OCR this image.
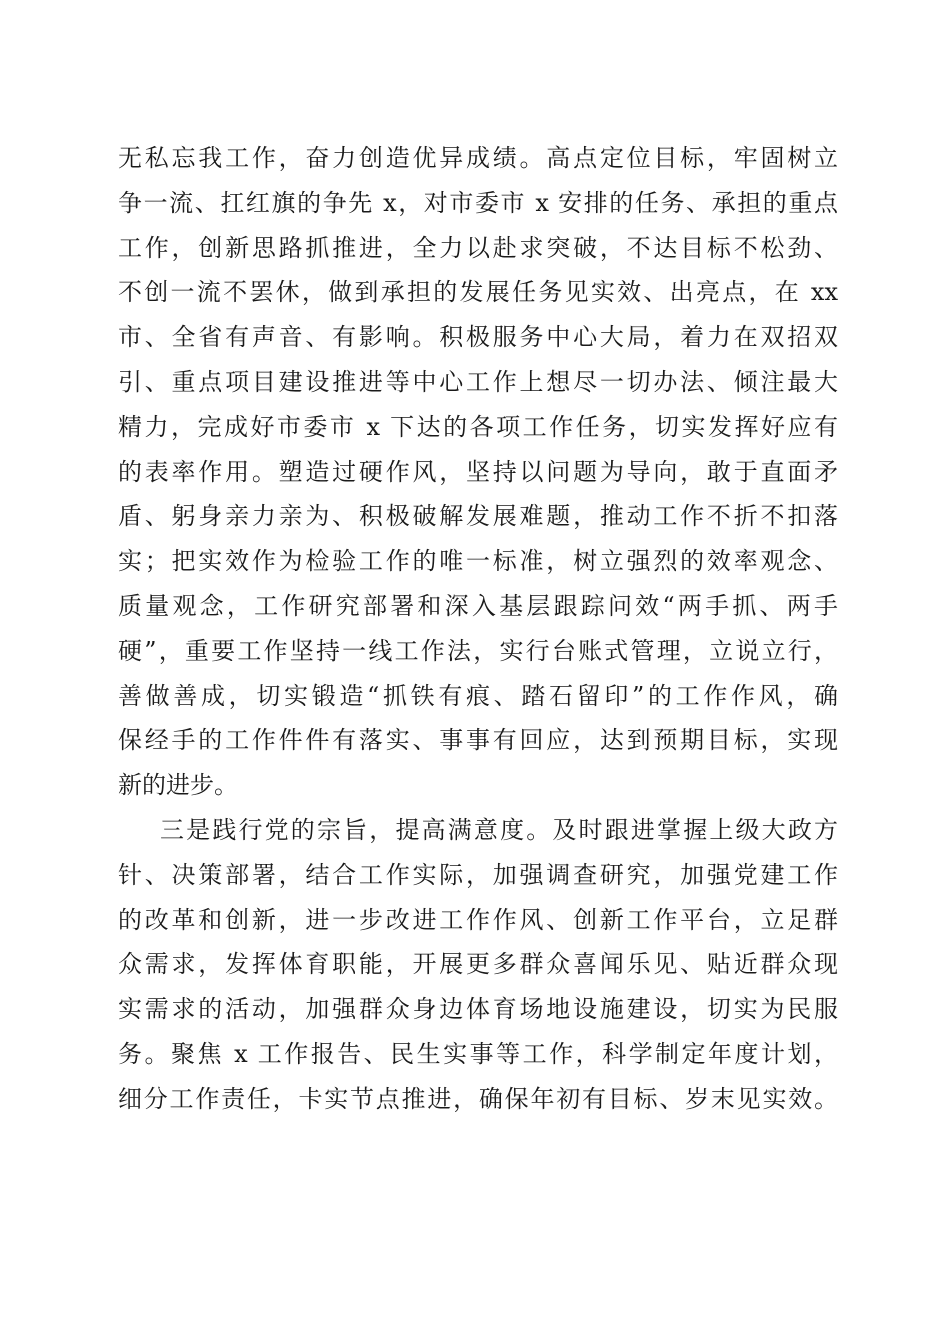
无私忘我工作，奋力创造优异成绩。高点定位目标，牢固树立
争一流、扛红旗的争先 x，对市委市 x 安排的任务、承担的重点
工作，创新思路抓推进，全力以赴求突破，不达目标不松劲、
不创一流不罢休，做到承担的发展任务见实效、出亮点，在 xx
市、全省有声音、有影响。积极服务中心大局，着力在双招双
引、重点项目建设推进等中心工作上想尽一切办法、倾注最大
精力，完成好市委市 x 下达的各项工作任务，切实发挥好应有
的表率作用。塑造过硬作风，坚持以问题为导向，敢于直面矛
盾、躬身亲力亲为、积极破解发展难题，推动工作不折不扣落
实；把实效作为检验工作的唯一标准，树立强烈的效率观念、
质量观念，工作研究部署和深入基层跟踪问效“两手抓、两手
硬”，重要工作坚持一线工作法，实行台账式管理，立说立行，
善做善成，切实锻造“抓铁有痕、踏石留印”的工作作风，确
保经手的工作件件有落实、事事有回应，达到预期目标，实现
新的进步。
三是践行党的宗旨，提高满意度。及时跟进掌握上级大政方
针、决策部署，结合工作实际，加强调查研究，加强党建工作
的改革和创新，进一步改进工作作风、创新工作平台，立足群
众需求，发挥体育职能，开展更多群众喜闻乐见、贴近群众现
实需求的活动，加强群众身边体育场地设施建设，切实为民服
务。聚焦 x 工作报告、民生实事等工作，科学制定年度计划，
细分工作责任，卡实节点推进，确保年初有目标、岁末见实效。
